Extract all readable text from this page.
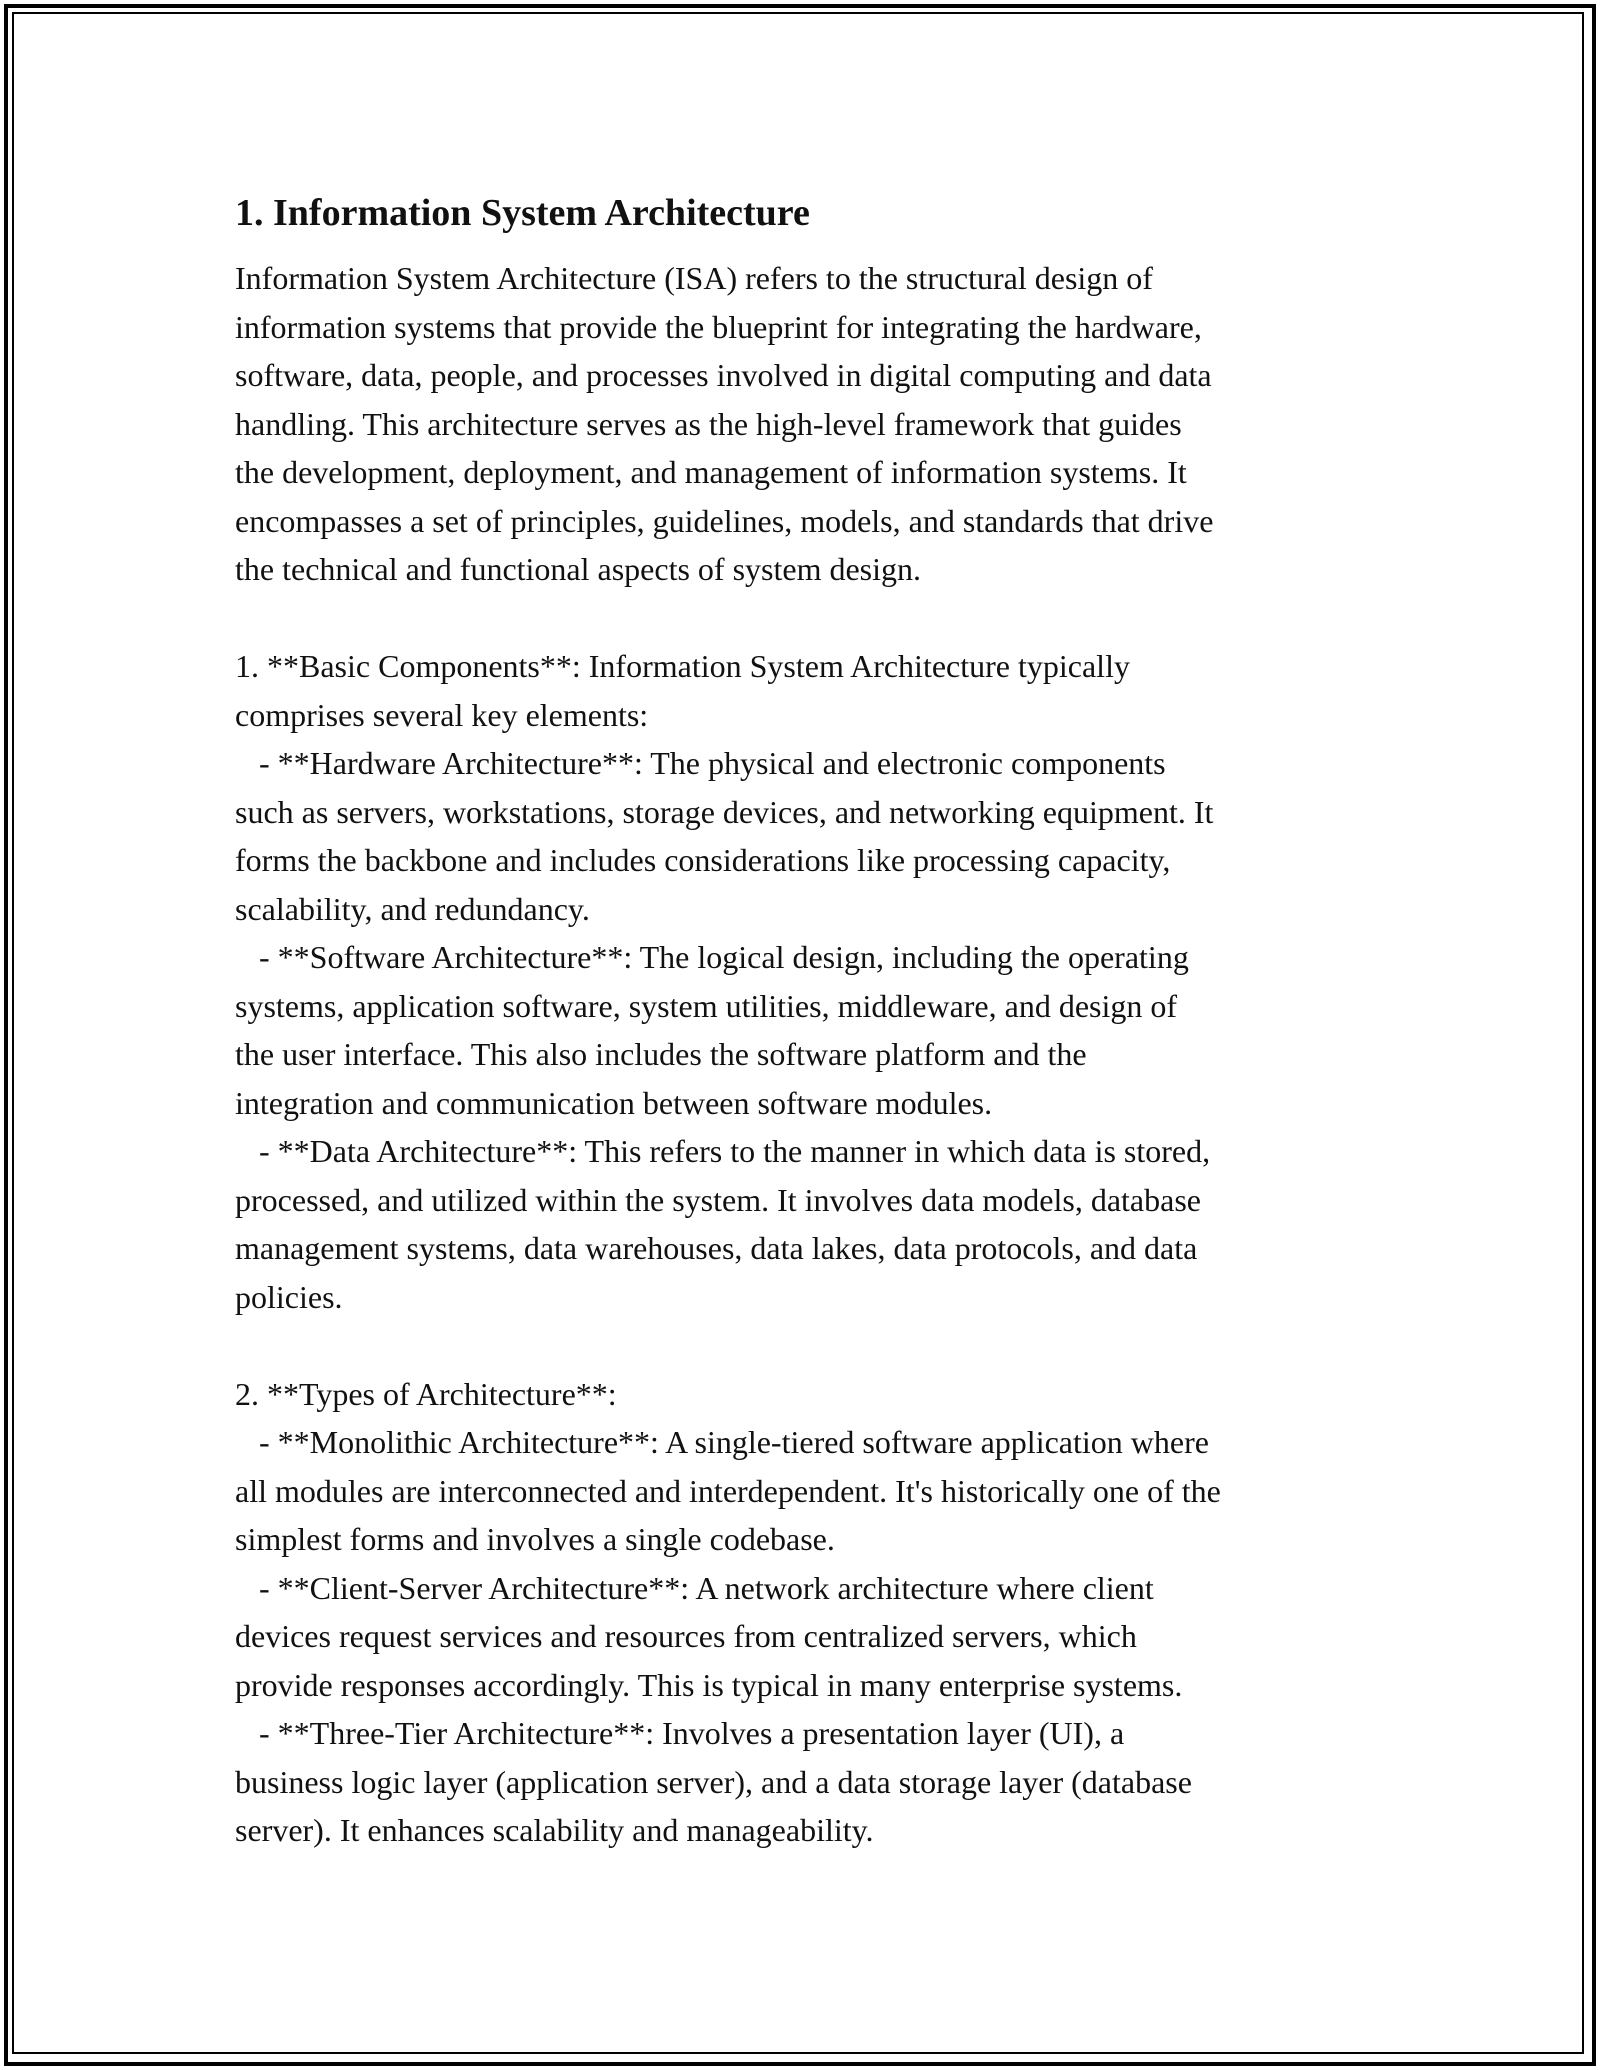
1. Information System Architecture

Information System Architecture (ISA) refers to the structural design of
information systems that provide the blueprint for integrating the hardware,
software, data, people, and processes involved in digital computing and data
handling. This architecture serves as the high-level framework that guides
the development, deployment, and management of information systems. It
encompasses a set of principles, guidelines, models, and standards that drive
the technical and functional aspects of system design.

1. **Basic Components**: Information System Architecture typically
comprises several key elements:
- **Hardware Architecture**: The physical and electronic components
such as servers, workstations, storage devices, and networking equipment. It
forms the backbone and includes considerations like processing capacity,
scalability, and redundancy.
- **Software Architecture**: The logical design, including the operating
systems, application software, system utilities, middleware, and design of
the user interface. This also includes the software platform and the
integration and communication between software modules.
- **Data Architecture**: This refers to the manner in which data is stored,
processed, and utilized within the system. It involves data models, database
management systems, data warehouses, data lakes, data protocols, and data
policies.

2. **Types of Architecture**:
- **Monolithic Architecture**: A single-tiered software application where
all modules are interconnected and interdependent. It's historically one of the
simplest forms and involves a single codebase.
- **Client-Server Architecture**: A network architecture where client
devices request services and resources from centralized servers, which
provide responses accordingly. This is typical in many enterprise systems.
- **Three-Tier Architecture**: Involves a presentation layer (UI), a
business logic layer (application server), and a data storage layer (database
server). It enhances scalability and manageability.
